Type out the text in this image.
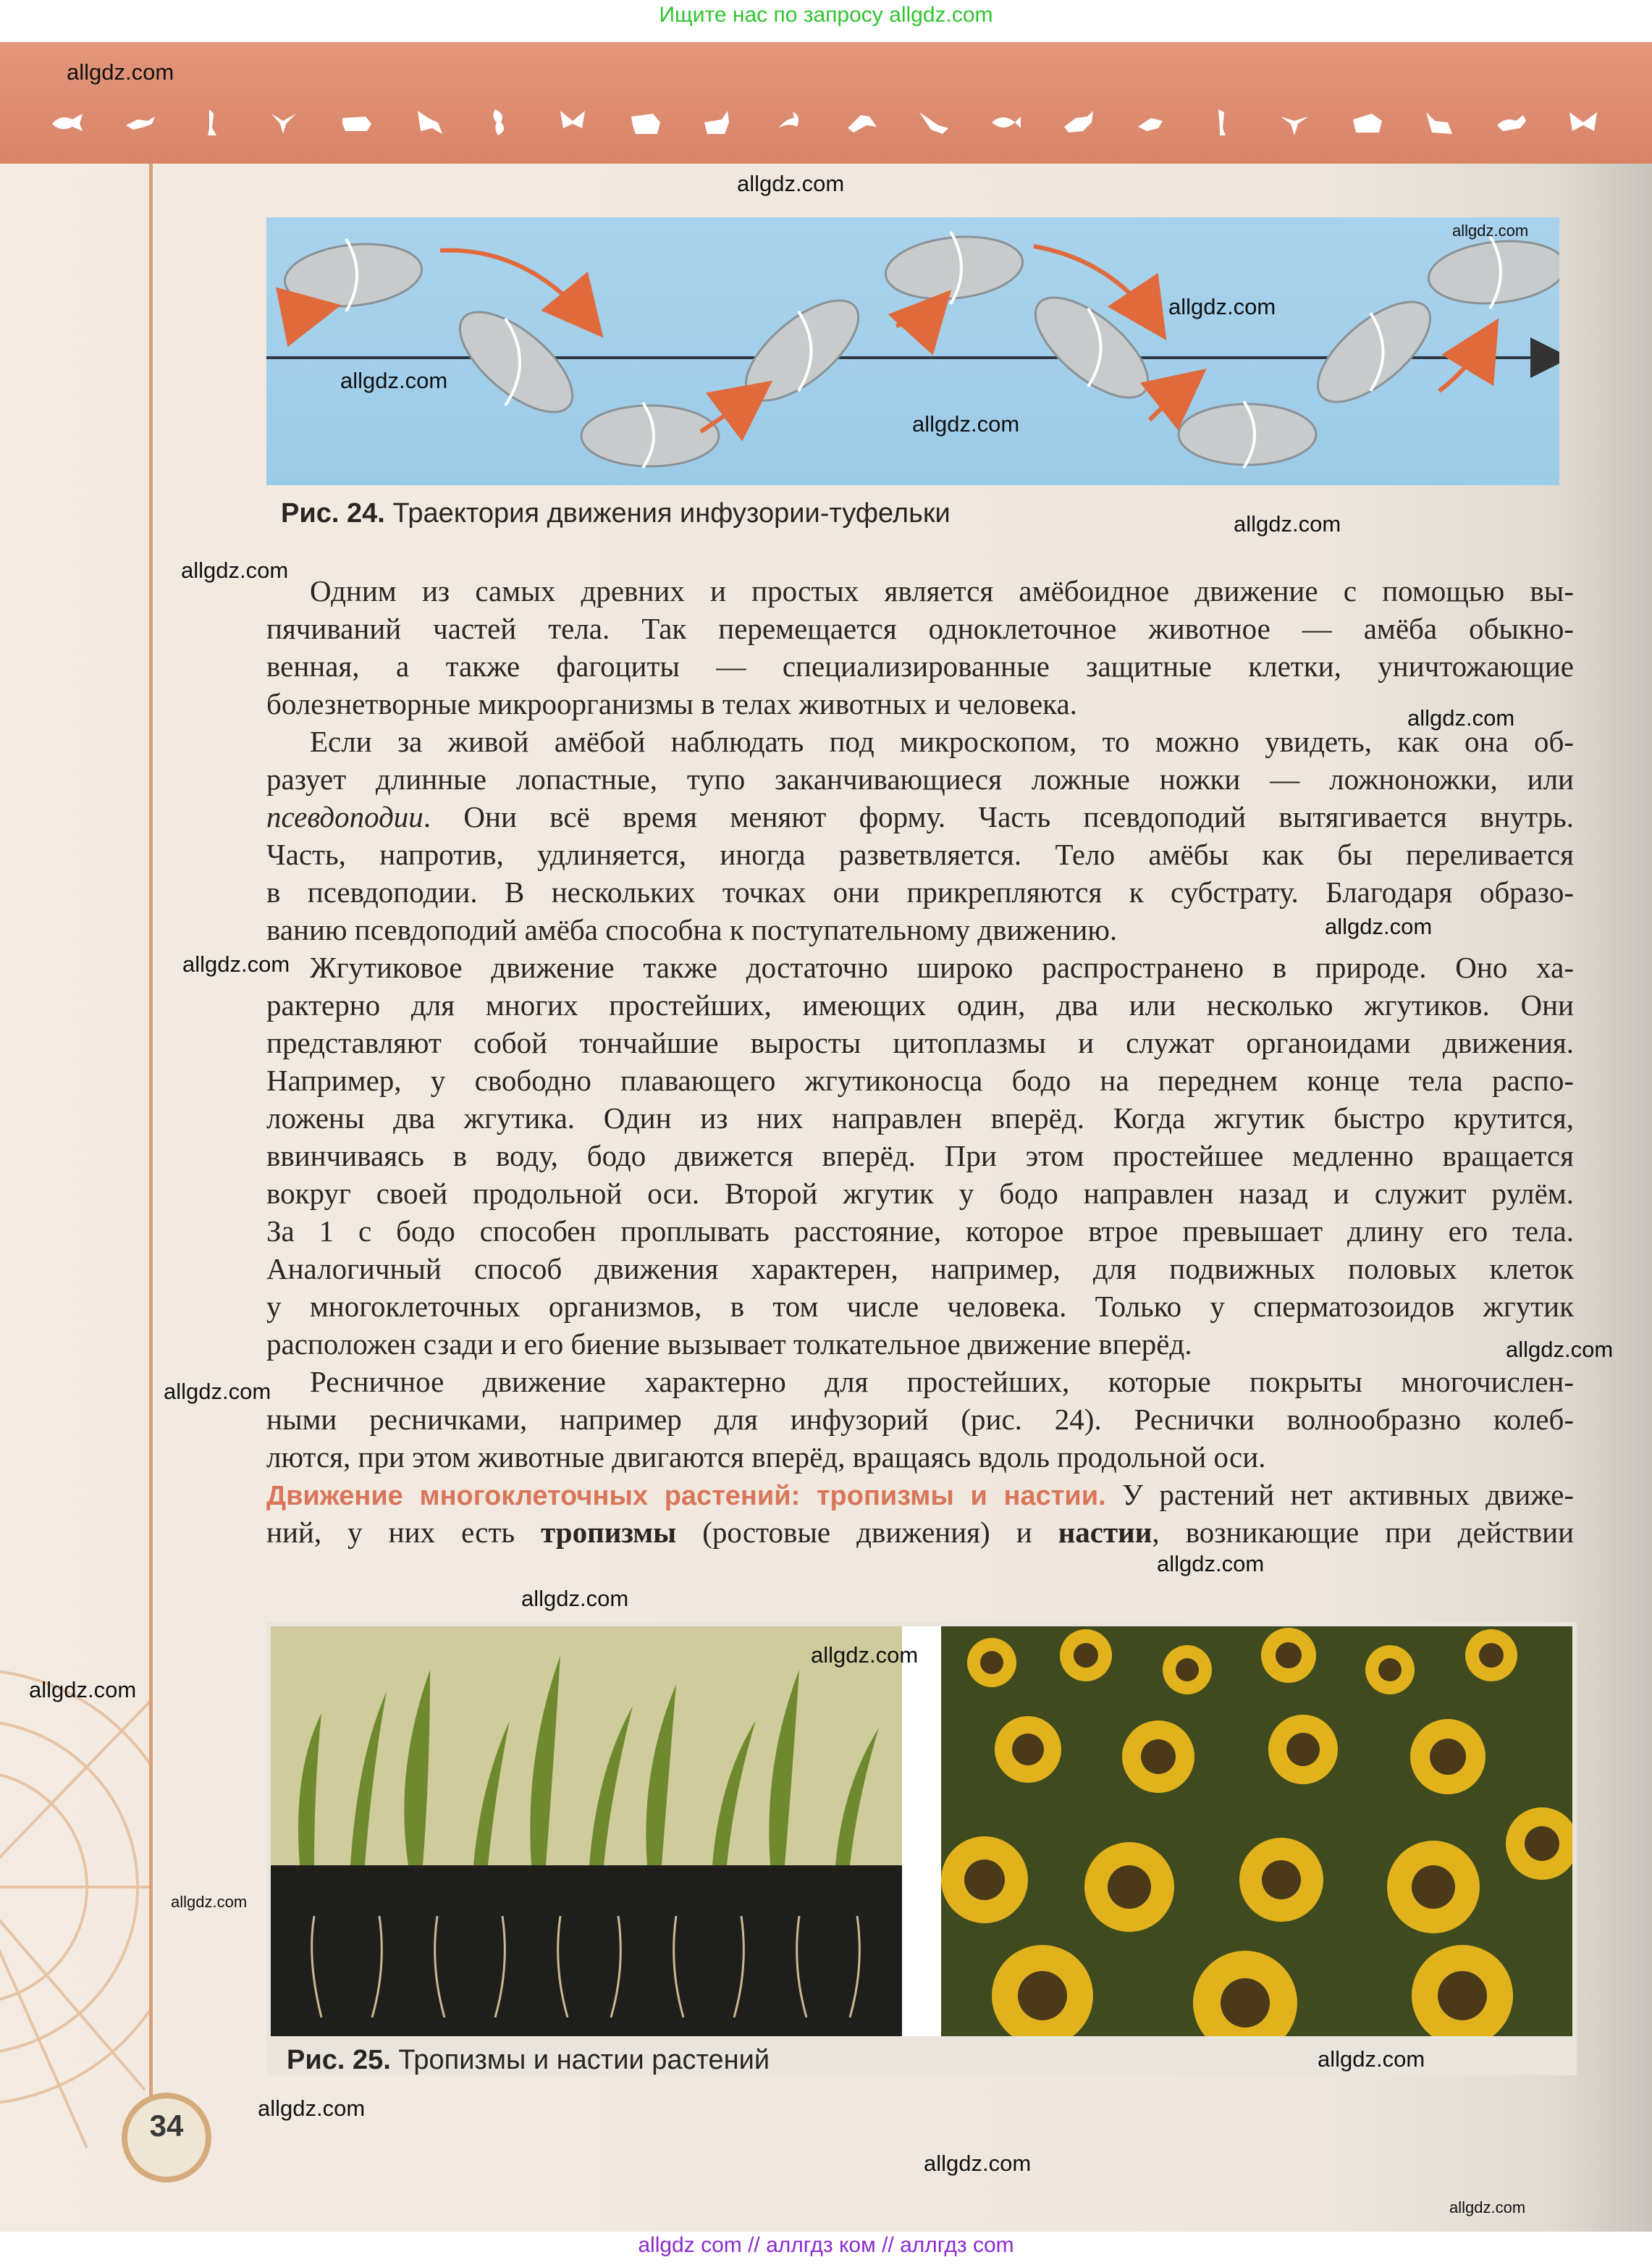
Ищите нас по запросу allgdz.com
allgdz.com
allgdz.com
allgdz.com
allgdz.com
allgdz.com
allgdz.com
Рис. 24. Траектория движения инфузории-туфельки	allgdz.com
allgdz.com
Одним из самых древних и простых является амёбоидное движение с помощью вы-
пячиваний частей тела. Так перемещается одноклеточное животное — амёба обыкно-
венная, а также фагоциты — специализированные защитные клетки, уничтожающие
болезнетворные микроорганизмы в телах животных и человека.
Если за живой амёбой наблюдать под микроскопом, то можно увидеть, как она об-
разует длинные лопастные, тупо заканчивающиеся ложные ножки — ложноножки, или
псевдоподии. Они всё время меняют форму. Часть псевдоподий вытягивается внутрь.
Часть, напротив, удлиняется, иногда разветвляется. Тело амёбы как бы переливается
в псевдоподии. В нескольких точках они прикрепляются к субстрату. Благодаря образо-
ванию псевдоподий амёба способна к поступательному движению.
Жгутиковое движение также достаточно широко распространено в природе. Оно ха-
рактерно для многих простейших, имеющих один, два или несколько жгутиков. Они
представляют собой тончайшие выросты цитоплазмы и служат органоидами движения.
Например, у свободно плавающего жгутиконосца бодо на переднем конце тела распо-
ложены два жгутика. Один из них направлен вперёд. Когда жгутик быстро крутится,
ввинчиваясь в воду, бодо движется вперёд. При этом простейшее медленно вращается
вокруг своей продольной оси. Второй жгутик у бодо направлен назад и служит рулём.
За 1 с бодо способен проплывать расстояние, которое втрое превышает длину его тела.
Аналогичный способ движения характерен, например, для подвижных половых клеток
у многоклеточных организмов, в том числе человека. Только у сперматозоидов жгутик
расположен сзади и его биение вызывает толкательное движение вперёд.
Ресничное движение характерно для простейших, которые покрыты многочислен-
ными ресничками, например для инфузорий (рис. 24). Реснички волнообразно колеб-
лются, при этом животные двигаются вперёд, вращаясь вдоль продольной оси.
Движение многоклеточных растений: тропизмы и настии. У растений нет активных движе-
ний, у них есть тропизмы (ростовые движения) и настии, возникающие при действии
allgdz.com
allgdz.com
allgdz.com
allgdz.com
allgdz.com
allgdz.com
allgdz.com
allgdz.com
allgdz.com
allgdz.com
Рис. 25. Тропизмы и настии растений	allgdz.com
34
allgdz.com
allgdz.com
allgdz.com
allgdz com // аллгдз ком // аллгдз com
